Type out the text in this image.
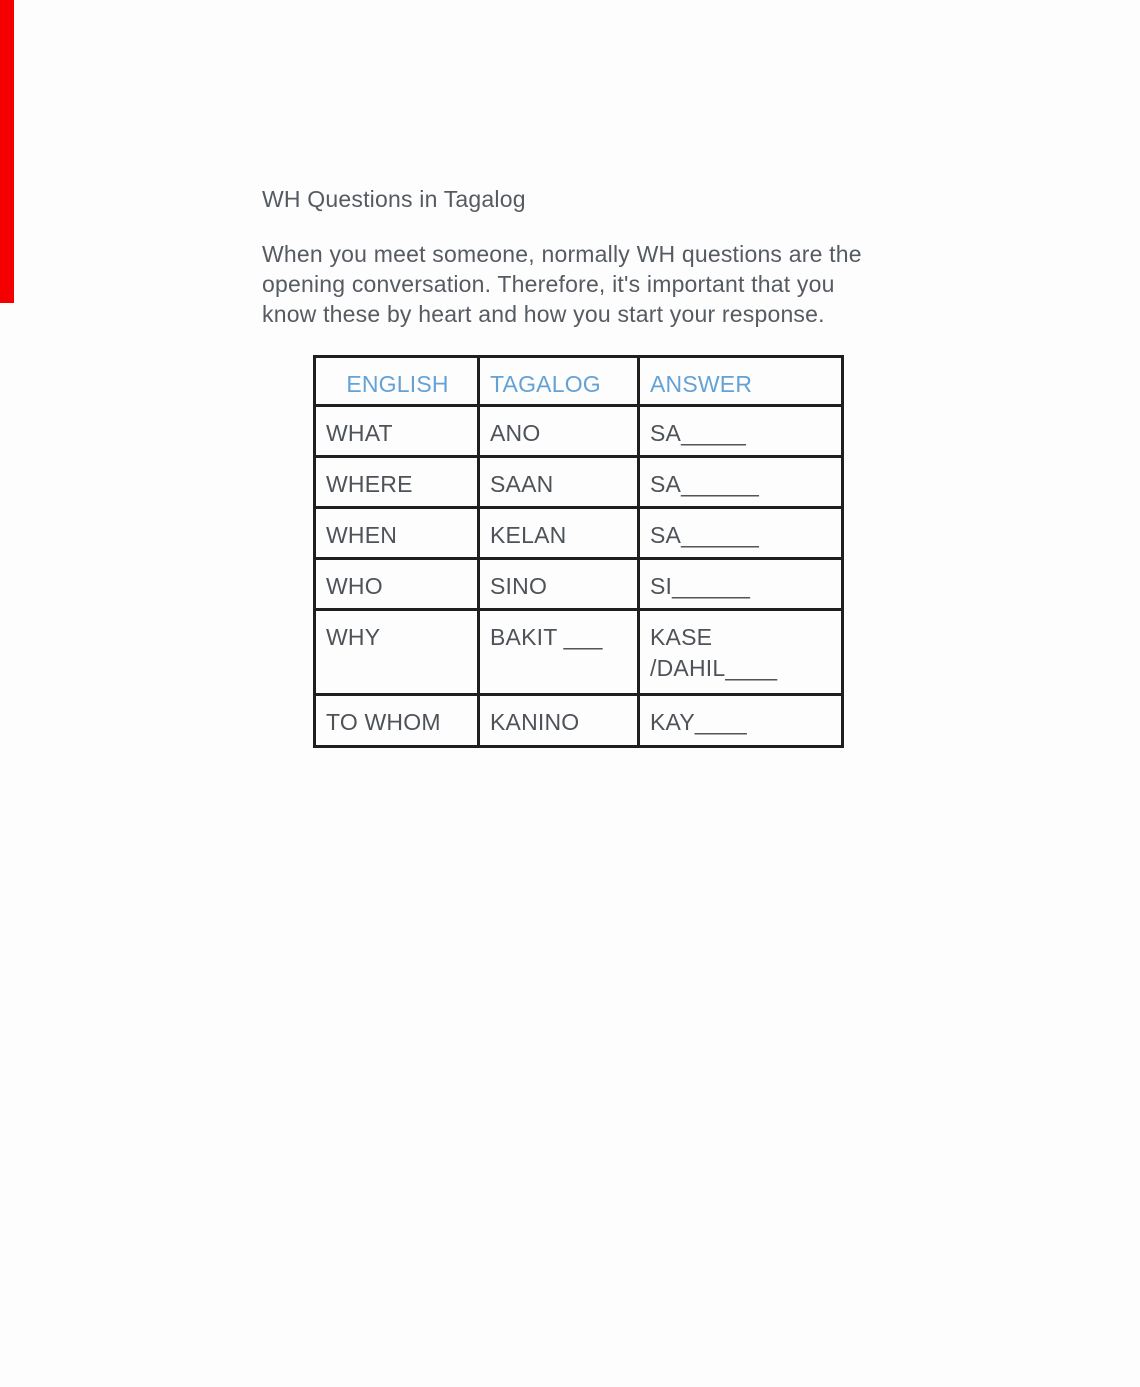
WH Questions in Tagalog
When you meet someone, normally WH questions are the
opening conversation. Therefore, it's important that you
know these by heart and how you start your response.
ENGLISH	TAGALOG	ANSWER
WHAT	ANO	SA_____
WHERE	SAAN	SA______
WHEN	KELAN	SA______
WHO	SINO	SI______
WHY	BAKIT ___	KASE
/DAHIL____

TO WHOM	KANINO	KAY____
